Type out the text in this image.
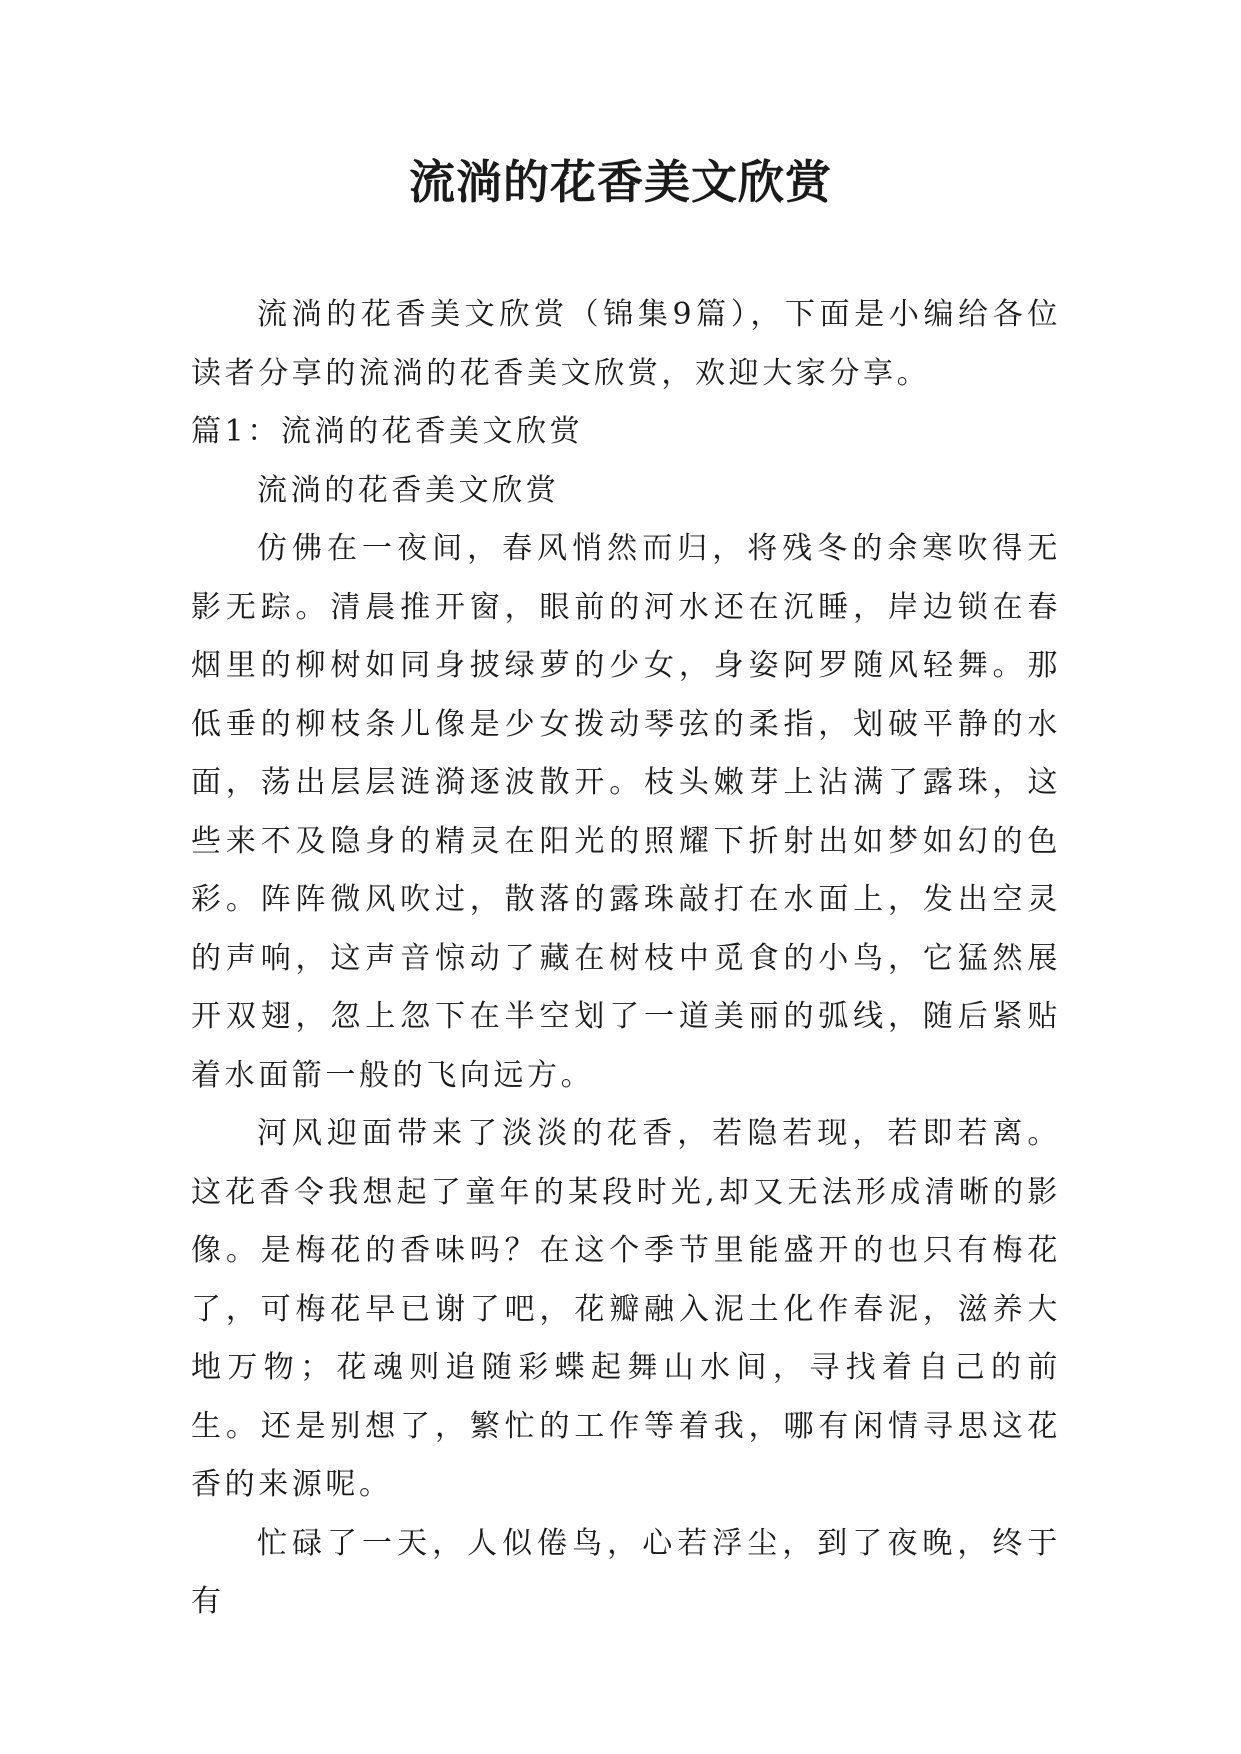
流淌的花香美文欣赏

流淌的花香美文欣赏（锦集9篇），下面是小编给各位读者分享的流淌的花香美文欣赏，欢迎大家分享。

篇1：流淌的花香美文欣赏

流淌的花香美文欣赏

仿佛在一夜间，春风悄然而归，将残冬的余寒吹得无影无踪。清晨推开窗，眼前的河水还在沉睡，岸边锁在春烟里的柳树如同身披绿萝的少女，身姿阿罗随风轻舞。那低垂的柳枝条儿像是少女拨动琴弦的柔指，划破平静的水面，荡出层层涟漪逐波散开。枝头嫩芽上沾满了露珠，这些来不及隐身的精灵在阳光的照耀下折射出如梦如幻的色彩。阵阵微风吹过，散落的露珠敲打在水面上，发出空灵的声响，这声音惊动了藏在树枝中觅食的小鸟，它猛然展开双翅，忽上忽下在半空划了一道美丽的弧线，随后紧贴着水面箭一般的飞向远方。

河风迎面带来了淡淡的花香，若隐若现，若即若离。这花香令我想起了童年的某段时光,却又无法形成清晰的影像。是梅花的香味吗？在这个季节里能盛开的也只有梅花了，可梅花早已谢了吧，花瓣融入泥土化作春泥，滋养大地万物；花魂则追随彩蝶起舞山水间，寻找着自己的前生。还是别想了，繁忙的工作等着我，哪有闲情寻思这花香的来源呢。

忙碌了一天，人似倦鸟，心若浮尘，到了夜晚，终于有
